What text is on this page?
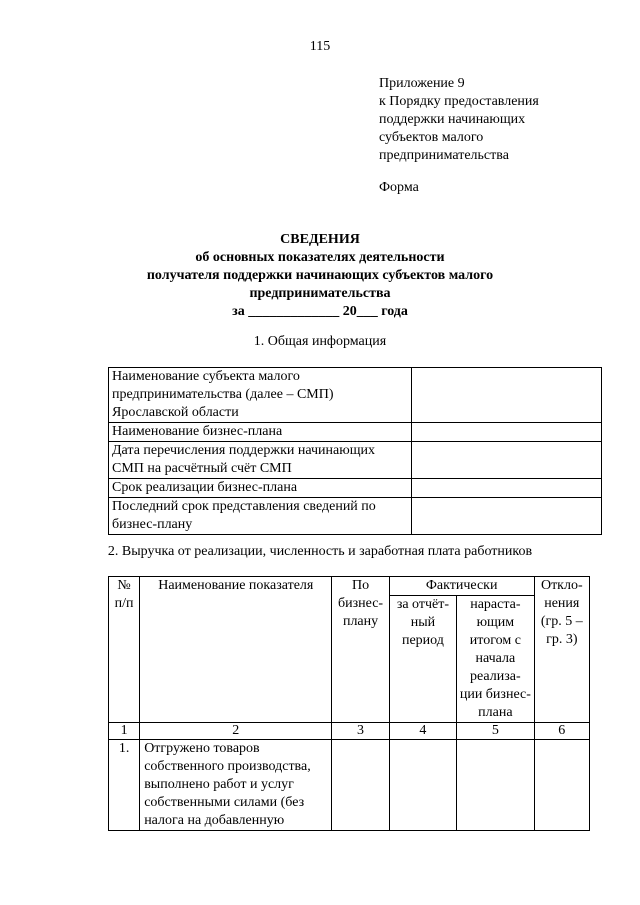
115
Приложение 9
к Порядку предоставления
поддержки начинающих
субъектов малого
предпринимательства
Форма
СВЕДЕНИЯ
об основных показателях деятельности
получателя поддержки начинающих субъектов малого
предпринимательства
за _____________ 20___ года
1. Общая информация
Наименование субъекта малого предпринимательства (далее – СМП) Ярославской области	
Наименование бизнес-плана	
Дата перечисления поддержки начинающих СМП на расчётный счёт СМП	
Срок реализации бизнес-плана	
Последний срок представления сведений по бизнес-плану	
2. Выручка от реализации, численность и заработная плата работников
№ п/п	Наименование показателя	По бизнес-плану	Фактически		Откло-нения (гр. 5 – гр. 3)
			за отчёт-ный период	нараста-ющим итогом с начала реализа-ции бизнес-плана	
1	2	3	4	5	6
1.	Отгружено товаров собственного производства, выполнено работ и услуг собственными силами (без налога на добавленную				
